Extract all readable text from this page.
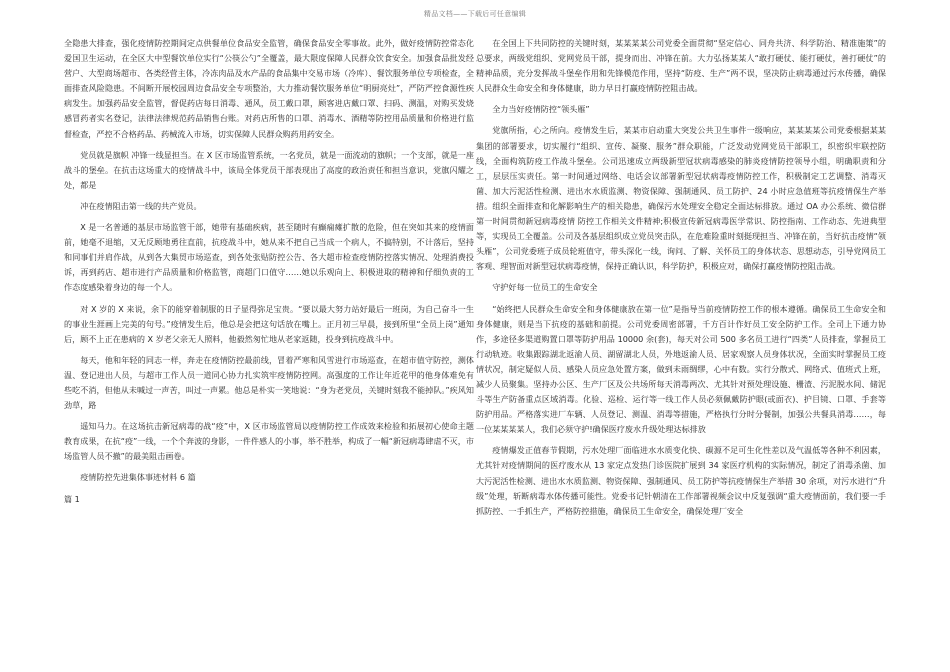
精品文档——下载后可任意编辑

全隐患大排查，强化疫情防控期间定点供餐单位食品安全监管，确保食品安全零事故。此外，做好疫情防控常态化爱国卫生运动，在全区大中型餐饮单位实行“公筷公勺”全覆盖，最大限度保障人民群众饮食安全。加强食品批发经营户、大型商场超市、各类经营主体，冷冻肉品及水产品的食品集中交易市场（冷库）、餐饮服务单位专项检查，全面排查风险隐患。不间断开展校园周边食品安全专项整治，大力推动餐饮服务单位“明厨亮灶”，严防严控食源性疾病发生。加强药品安全监管，督促药店每日消毒、通风，员工戴口罩，顾客进店戴口罩、扫码、测温，对购买发烧感冒药者实名登记，法律法律规范药品销售台账。对药店所售的口罩、消毒水、酒精等防控用品质量和价格进行监督检查，严控不合格药品、药械流入市场，切实保障人民群众购药用药安全。

党员就是旗帜 冲锋一线显担当。在 X 区市场监管系统，一名党员，就是一面流动的旗帜；一个支部，就是一座战斗的堡垒。在抗击这场重大的疫情战斗中，该局全体党员干部表现出了高度的政治责任和担当意识，党旗闪耀之处，都是

冲在疫情阻击第一线的共产党员。

X 是一名普通的基层市场监管干部，她带有基础疾病，甚至随时有癫痫瘫扩散的危险，但在突如其来的疫情面前，她毫不退缩，又无反顾地勇往直前，抗疫战斗中，她从来不把自己当成一个病人，不搞特别，不计落后，坚持和同事们并肩作战，从到各大集贸市场巡查，到各处张贴防控公告、各大超市检查疫情防控落实情况、处理消费投诉，再到药店、超市进行产品质量和价格监管，商超门口值守……她以乐观向上、积极进取的精神和仔细负责的工作态度感染着身边的每一个人。

对 X 岁的 X 来说，余下的能穿着制服的日子显得弥足宝贵。“要以最大努力站好最后一班岗，为自己奋斗一生的事业生涯画上完美的句号。”疫情发生后，他总是会把这句话放在嘴上。正月初三早晨，接到所里“全员上岗”通知后，顾不上正在患病的 X 岁老父亲无人照料，他毅然匆忙地从老家返随，投身到抗疫战斗中。

每天，他和年轻的同志一样，奔走在疫情防控最前线，冒着严寒和风雪进行市场巡查，在超市值守防控，测体温、登记进出人员，与超市工作人员一道同心协力扎实筑牢疫情防控网。高强度的工作让年近花甲的他身体难免有些吃不消，但他从未喊过一声苦，叫过一声累。他总是朴实一笑地说：“身为老党员，关键时刻我不能掉队。”疾风知劲草，路

遥知马力。在这场抗击新冠病毒的战“疫”中，X 区市场监管局以疫情防控工作成效来检验和拓展初心使命主题教育成果，在抗“疫”一线，一个个奔波的身影，一件件感人的小事，举不胜举，构成了一幅“新冠病毒肆虐不灭，市场监管人员不撤”的最美阻击画卷。

疫情防控先进集体事迹材料 6 篇

篇 1

在全国上下共同防控的关键时刻，某某某某公司党委全面贯彻“坚定信心、同舟共济、科学防治、精准施策”的总要求，两级党组织、党网党员干部，提身而出、冲锋在前。大力弘扬某某人“敢打硬仗、能打硬仗，善打硬仗”的精神品质，充分发挥战斗堡垒作用和先锋模范作用，坚持“防疫、生产”两不误，坚决防止病毒通过污水传播，确保人民群众生命安全和身体健康，助力早日打赢疫情防控阻击战。

全力当好疫情防控“领头雁”

党旗所指，心之所向。疫情发生后，某某市启动重大突发公共卫生事件一级响应，某某某某公司党委根据某某集团的部署要求，切实履行“组织、宣传、凝聚、服务”群众职能，广泛发动党网党员干部职工，织密织牢联控防线，全面构筑防疫工作战斗堡垒。公司迅速成立两级新型冠状病毒感染的肺炎疫情防控领导小组，明确职责和分工，层层压实责任。第一时间通过网络、电话会议部署新型冠状病毒疫情防控工作，积极制定工艺调整、消毒灭菌、加大污泥活性检测、进出水水质监测、物资保障、强制通风、员工防护、24 小时应急值班等抗疫情保生产举措。组织全面排查和化解影响生产的相关隐患，确保污水处理安全稳定全面达标排放。通过 OA 办公系统、微信群第一时间贯彻新冠病毒疫情 防控工作相关文件精神;积极宣传新冠病毒医学常识、防控指南、工作动态、先进典型等，实现员工全覆盖。公司及各基层组织成立党员突击队，在危难险重时刻挺现担当、冲锋在前，当好抗击疫情“领头雁”，公司党委班子成员轮班值守，带头深化一线，询问、了解、关怀员工的身体状态、思想动态，引导党网员工客观、理智面对新型冠状病毒疫情，保持正确认识，科学防护，积极应对，确保打赢疫情防控阻击战。

守护好每一位员工的生命安全

“始终把人民群众生命安全和身体健康放在第一位”是指导当前疫情防控工作的根本遵循。确保员工生命安全和身体健康，则是当下抗疫的基础和前提。公司党委周密部署，千方百计作好员工安全防护工作。全司上下通力协作，多途径多渠道购置口罩等防护用品 10000 余(套)，每天对公司 500 多名员工进行“四类”人员排查，掌握员工行动轨迹。收集跟踪湖北返渝人员、湖留湖北人员，外地返渝人员、居家观察人员身体状况，全面实时掌握员工疫情状况，制定疑似人员、感染人员应急处置方案，做到未雨绸缪，心中有数。实行分散式、网络式、值班式上班，减少人员聚集。坚持办公区、生产厂区及公共场所每天消毒两次、尤其针对预处理设施、栅渣、污泥脱水间、储泥斗等生产防备重点区域消毒。化验、巡检、运行等一线工作人员必须佩戴防护眼(或面衣)、护目镜、口罩、手套等防护用品。严格落实进厂车辆、人员登记、测温、消毒等措施，严格执行分时分餐制，加强公共餐具消毒……，每一位某某某某人，我们必须守护!确保医疗废水升级处理达标排放

疫情爆发正值春节假期，污水处理厂面临进水水质变化快、碳源不足可生化性差以及气温低等各种不利因素，尤其针对疫情期间的医疗废水从 13 家定点发热门诊医院扩展到 34 家医疗机构的实际情况，制定了消毒杀菌、加大污泥活性检测、进出水水质监测、物资保障、强制通风、员工防护等抗疫情保生产举措 30 余项，对污水进行“升级”处理，斩断病毒水体传播可能性。党委书记针朝清在工作部署视频会议中反复强调“重大疫情面前，我们要一手抓防控、一手抓生产，严格防控措施，确保员工生命安全，确保处理厂安全
